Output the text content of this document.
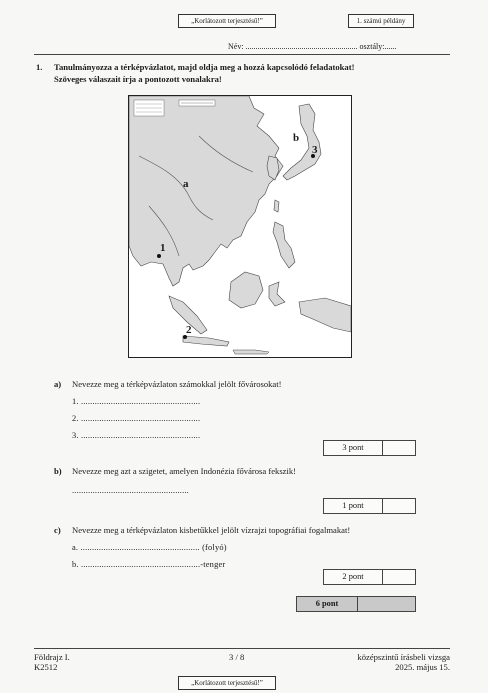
„Korlátozott terjesztésű!”	1. számú példány
Név: ........................................................ osztály:......
1. Tanulmányozza a térképvázlatot, majd oldja meg a hozzá kapcsolódó feladatokat!
Szöveges válaszait írja a pontozott vonalakra!
a
b
1
2
3
a) Nevezze meg a térképvázlaton számokkal jelölt fővárosokat!
1. ....................................................
2. ....................................................
3. ....................................................
3 pont
b) Nevezze meg azt a szigetet, amelyen Indonézia fővárosa fekszik!
...................................................
1 pont
c) Nevezze meg a térképvázlaton kisbetűkkel jelölt vízrajzi topográfiai fogalmakat!
a. .................................................... (folyó)
b. ....................................................-tenger
2 pont
6 pont
Földrajz I.
K2512
3 / 8	középszintű írásbeli vizsga
2025. május 15.
„Korlátozott terjesztésű!”
